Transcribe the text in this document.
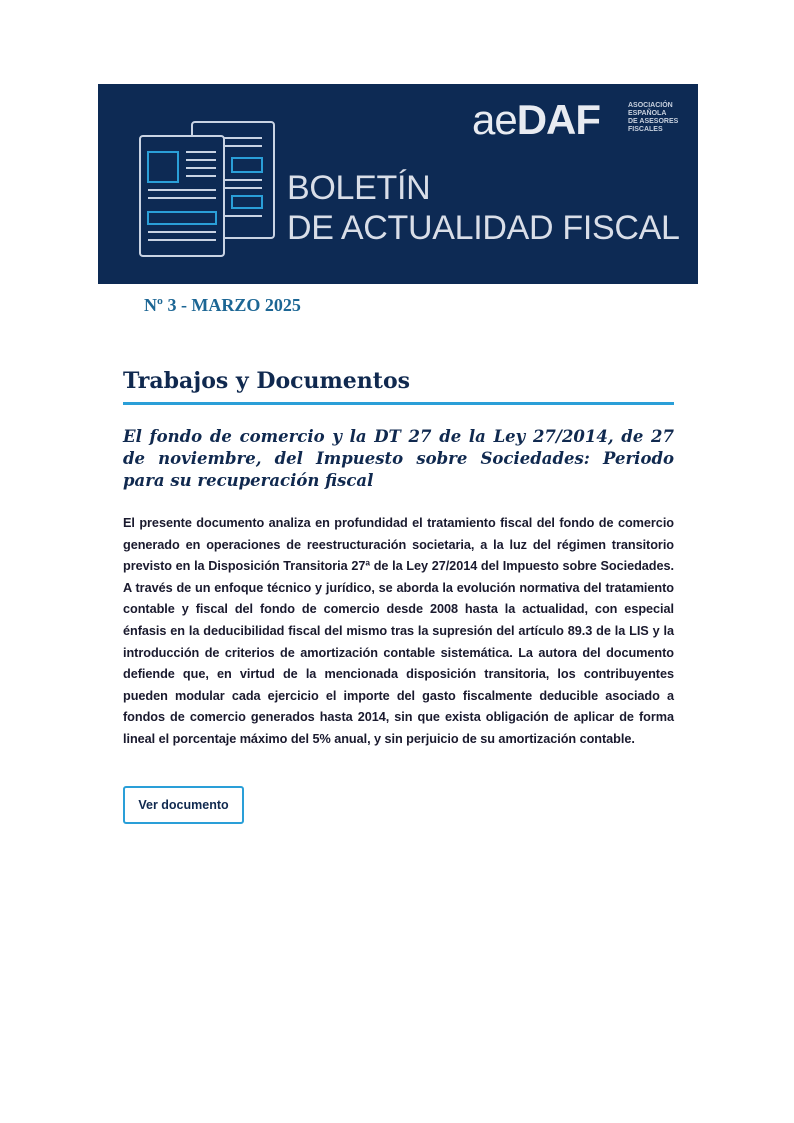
aeDAF	ASOCIACIÓN
ESPAÑOLA
DE ASESORES
FISCALES
BOLETÍN
DE ACTUALIDAD FISCAL
Nº 3 - MARZO 2025
Trabajos y Documentos
El fondo de comercio y la DT 27 de la Ley 27/2014, de 27 de noviembre, del Impuesto sobre Sociedades: Periodo para su recuperación fiscal
El presente documento analiza en profundidad el tratamiento fiscal del fondo de comercio generado en operaciones de reestructuración societaria, a la luz del régimen transitorio previsto en la Disposición Transitoria 27ª de la Ley 27/2014 del Impuesto sobre Sociedades. A través de un enfoque técnico y jurídico, se aborda la evolución normativa del tratamiento contable y fiscal del fondo de comercio desde 2008 hasta la actualidad, con especial énfasis en la deducibilidad fiscal del mismo tras la supresión del artículo 89.3 de la LIS y la introducción de criterios de amortización contable sistemática. La autora del documento defiende que, en virtud de la mencionada disposición transitoria, los contribuyentes pueden modular cada ejercicio el importe del gasto fiscalmente deducible asociado a fondos de comercio generados hasta 2014, sin que exista obligación de aplicar de forma lineal el porcentaje máximo del 5% anual, y sin perjuicio de su amortización contable.
Ver documento
